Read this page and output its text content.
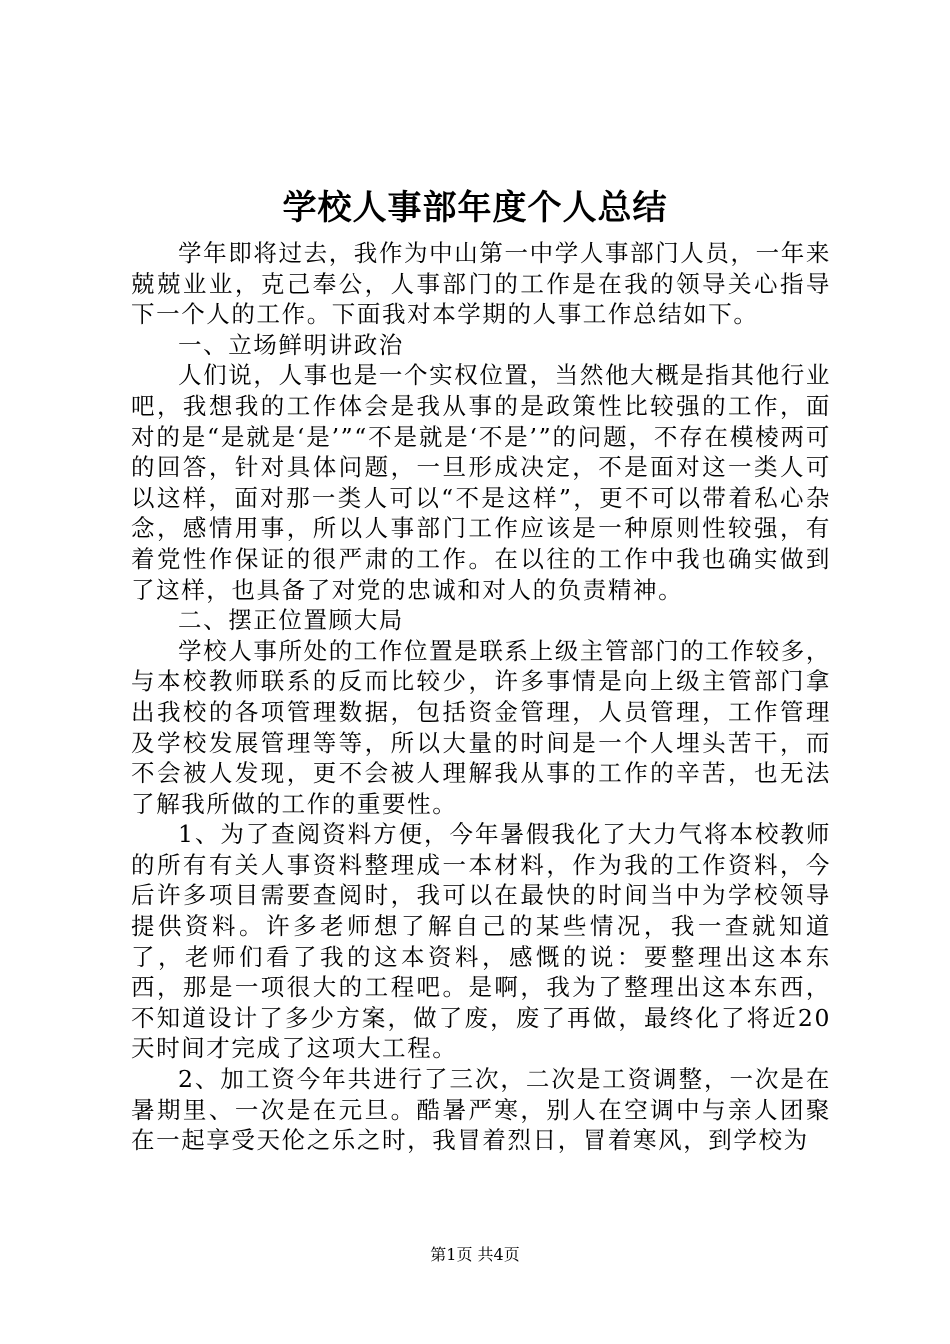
学校人事部年度个人总结

学年即将过去，我作为中山第一中学人事部门人员，一年来兢兢业业，克己奉公，人事部门的工作是在我的领导关心指导下一个人的工作。下面我对本学期的人事工作总结如下。

一、立场鲜明讲政治

人们说，人事也是一个实权位置，当然他大概是指其他行业吧，我想我的工作体会是我从事的是政策性比较强的工作，面对的是“是就是‘是’”“不是就是‘不是’”的问题，不存在模棱两可的回答，针对具体问题，一旦形成决定，不是面对这一类人可以这样，面对那一类人可以“不是这样”，更不可以带着私心杂念，感情用事，所以人事部门工作应该是一种原则性较强，有着党性作保证的很严肃的工作。在以往的工作中我也确实做到了这样，也具备了对党的忠诚和对人的负责精神。

二、摆正位置顾大局

学校人事所处的工作位置是联系上级主管部门的工作较多，与本校教师联系的反而比较少，许多事情是向上级主管部门拿出我校的各项管理数据，包括资金管理，人员管理，工作管理及学校发展管理等等，所以大量的时间是一个人埋头苦干，而不会被人发现，更不会被人理解我从事的工作的辛苦，也无法了解我所做的工作的重要性。

1、为了查阅资料方便，今年暑假我化了大力气将本校教师的所有有关人事资料整理成一本材料，作为我的工作资料，今后许多项目需要查阅时，我可以在最快的时间当中为学校领导提供资料。许多老师想了解自己的某些情况，我一查就知道了，老师们看了我的这本资料，感慨的说：要整理出这本东西，那是一项很大的工程吧。是啊，我为了整理出这本东西，不知道设计了多少方案，做了废，废了再做，最终化了将近20天时间才完成了这项大工程。

2、加工资今年共进行了三次，二次是工资调整，一次是在暑期里、一次是在元旦。酷暑严寒，别人在空调中与亲人团聚在一起享受天伦之乐之时，我冒着烈日，冒着寒风，到学校为

第1页 共4页
